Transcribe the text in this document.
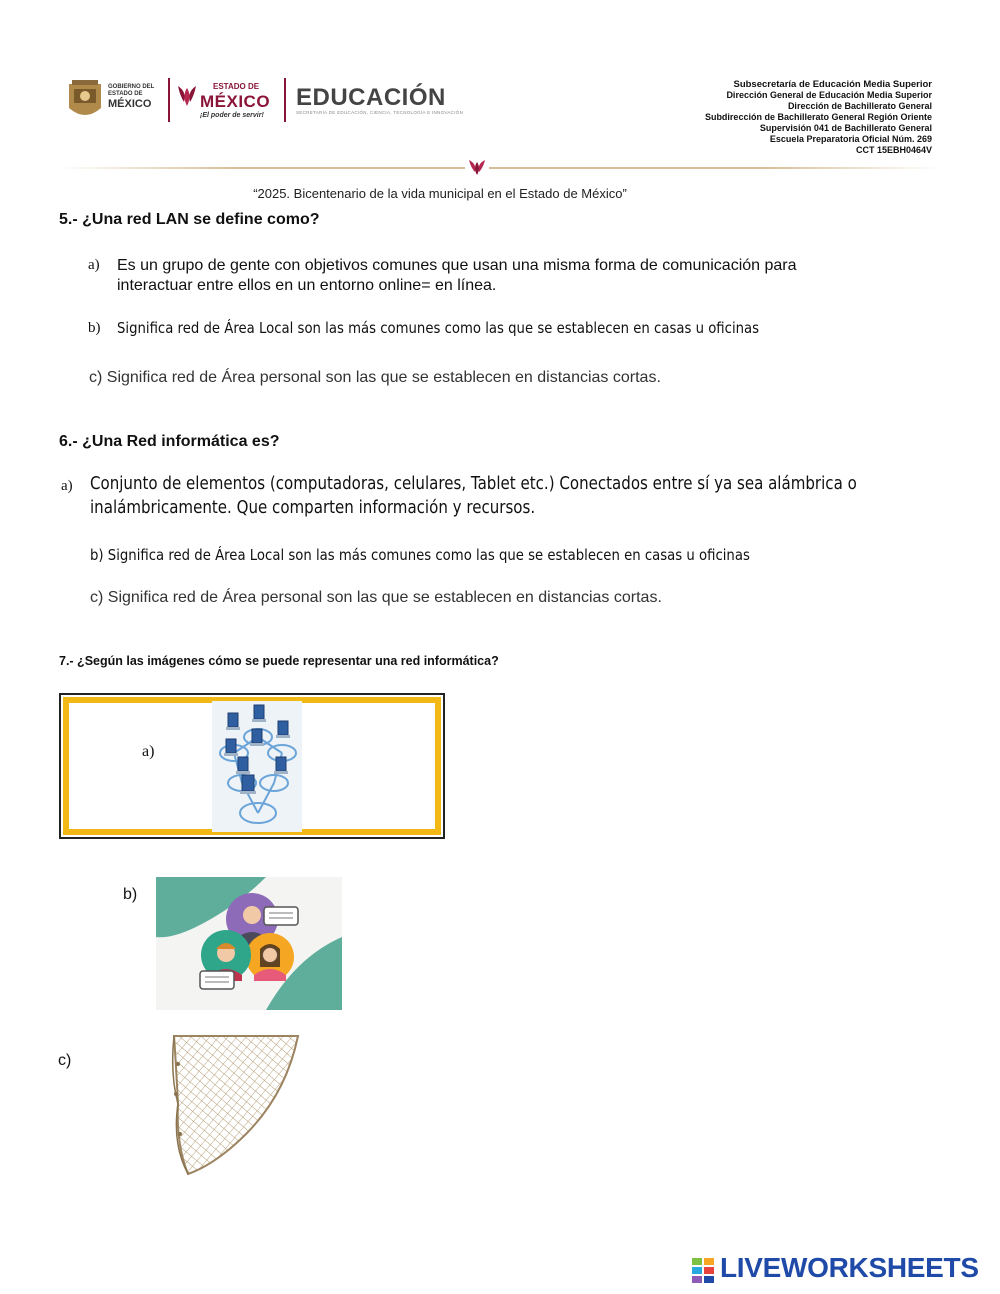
GOBIERNO DEL
ESTADO DE
MÉXICO
ESTADO DE
MÉXICO
¡El poder de servir!
EDUCACIÓN
SECRETARÍA DE EDUCACIÓN, CIENCIA, TECNOLOGÍA E INNOVACIÓN
Subsecretaría de Educación Media Superior
Dirección General de Educación Media Superior
Dirección de Bachillerato General
Subdirección de Bachillerato General Región Oriente
Supervisión 041 de Bachillerato General
Escuela Preparatoria Oficial Núm. 269
CCT 15EBH0464V
“2025. Bicentenario de la vida municipal en el Estado de México”
5.- ¿Una red LAN se define como?
a) Es un grupo de gente con objetivos comunes que usan una misma forma de comunicación para
interactuar entre ellos en un entorno online= en línea.
b) Significa red de Área Local son las más comunes como las que se establecen en casas u oficinas
c) Significa red de Área personal son las que se establecen en distancias cortas.
6.- ¿Una Red informática es?
a) Conjunto de elementos (computadoras, celulares, Tablet etc.) Conectados entre sí ya sea alámbrica o
inalámbricamente. Que comparten información y recursos.
b) Significa red de Área Local son las más comunes como las que se establecen en casas u oficinas
c) Significa red de Área personal son las que se establecen en distancias cortas.
7.- ¿Según las imágenes cómo se puede representar una red informática?
a)
b)
c)
LIVEWORKSHEETS
